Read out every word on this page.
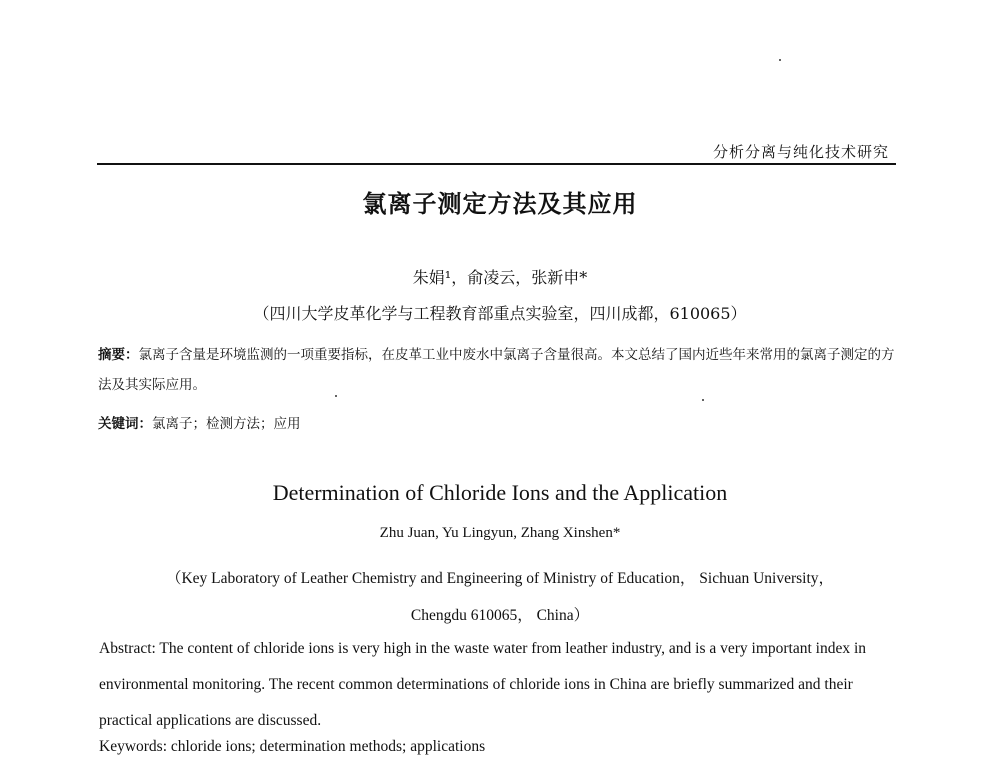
分析分离与纯化技术研究
氯离子测定方法及其应用
朱娟¹，俞凌云，张新申*
（四川大学皮革化学与工程教育部重点实验室，四川成都，610065）
摘要：氯离子含量是环境监测的一项重要指标，在皮革工业中废水中氯离子含量很高。本文总结了国内近些年来常用的氯离子测定的方法及其实际应用。
关键词：氯离子；检测方法；应用
Determination of Chloride Ions and the Application
Zhu Juan, Yu Lingyun, Zhang Xinshen*
（Key Laboratory of Leather Chemistry and Engineering of Ministry of Education， Sichuan University，
Chengdu 610065， China）
Abstract: The content of chloride ions is very high in the waste water from leather industry, and is a very important index in environmental monitoring. The recent common determinations of chloride ions in China are briefly summarized and their practical applications are discussed.
Keywords: chloride ions; determination methods; applications
